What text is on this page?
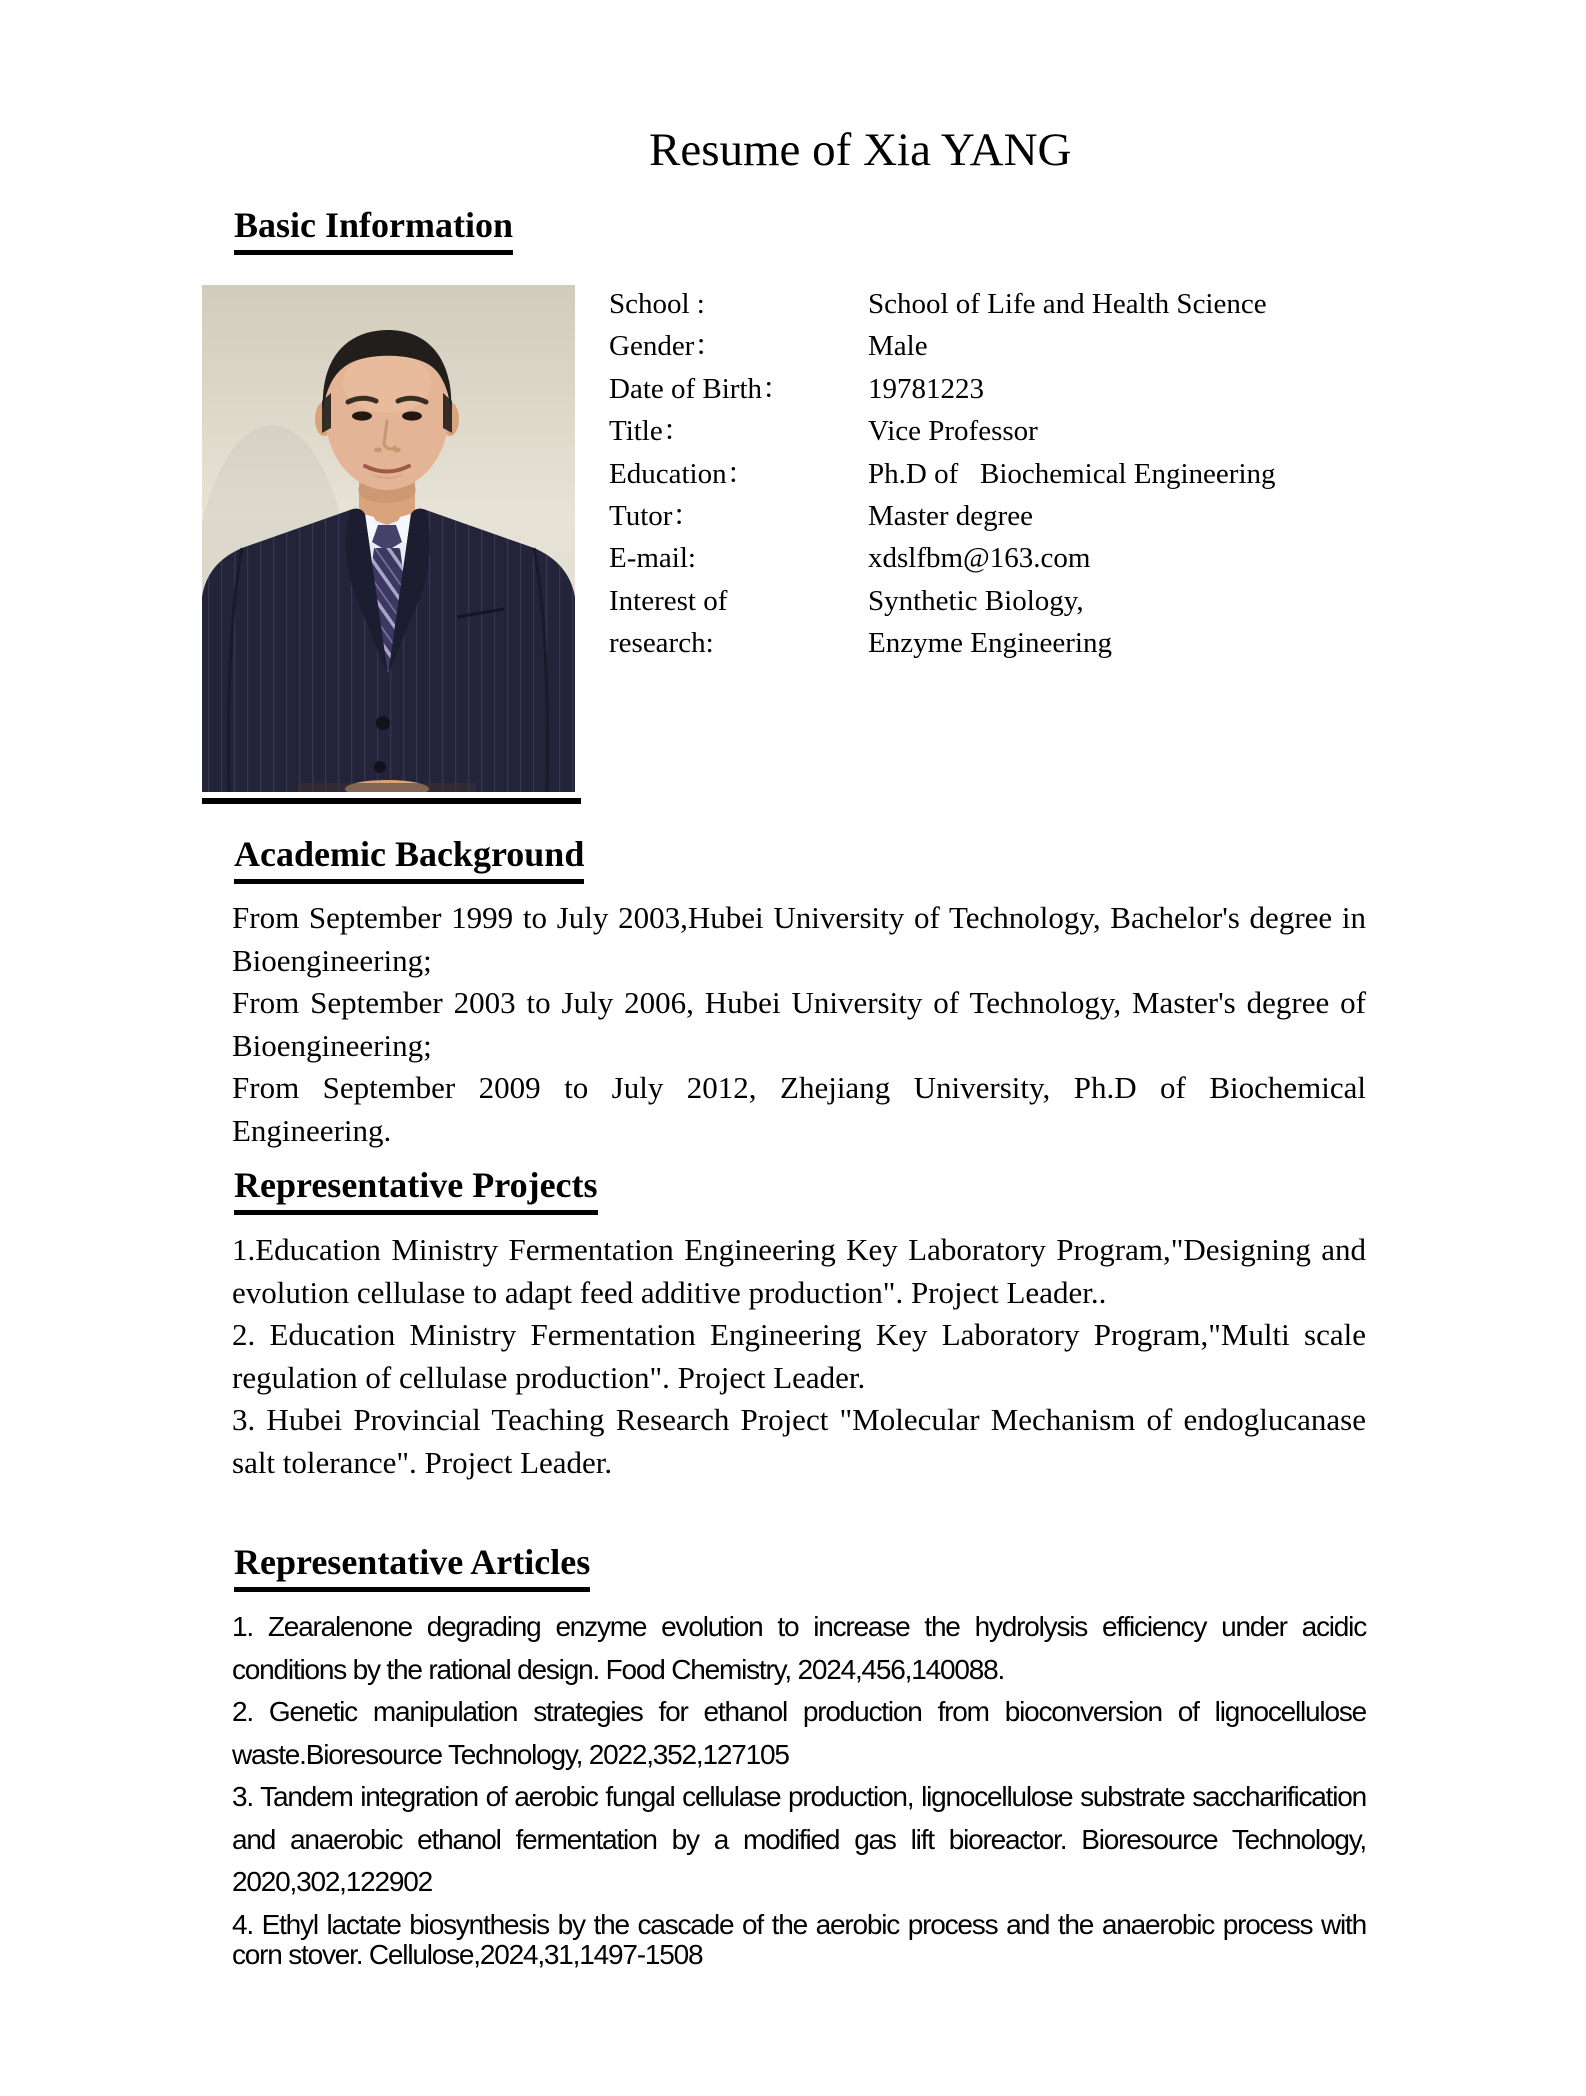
Resume of Xia YANG
Basic Information
School :	School of Life and Health Science
Gender：	Male
Date of Birth：	19781223
Title：	Vice Professor
Education：	Ph.D of   Biochemical Engineering
Tutor：	Master degree
E-mail:	xdslfbm@163.com
Interest of	Synthetic Biology,
research:	Enzyme Engineering
Academic Background

From September 1999 to July 2003,Hubei University of Technology, Bachelor's degree in Bioengineering;

From September 2003 to July 2006, Hubei University of Technology, Master's degree of Bioengineering;

From September 2009 to July 2012, Zhejiang University, Ph.D of Biochemical Engineering.

Representative Projects

1.Education Ministry Fermentation Engineering Key Laboratory Program,"Designing and evolution cellulase to adapt feed additive production". Project Leader..

2. Education Ministry Fermentation Engineering Key Laboratory Program,"Multi scale regulation of cellulase production". Project Leader.

3. Hubei Provincial Teaching Research Project "Molecular Mechanism of endoglucanase salt tolerance". Project Leader.

Representative Articles

1. Zearalenone degrading enzyme evolution to increase the hydrolysis efficiency under acidic conditions by the rational design. Food Chemistry, 2024,456,140088.

2. Genetic manipulation strategies for ethanol production from bioconversion of lignocellulose waste.Bioresource Technology, 2022,352,127105

3. Tandem integration of aerobic fungal cellulase production, lignocellulose substrate saccharification and anaerobic ethanol fermentation by a modified gas lift bioreactor. Bioresource Technology, 2020,302,122902

4. Ethyl lactate biosynthesis by the cascade of the aerobic process and the anaerobic process with corn stover. Cellulose,2024,31,1497-1508
